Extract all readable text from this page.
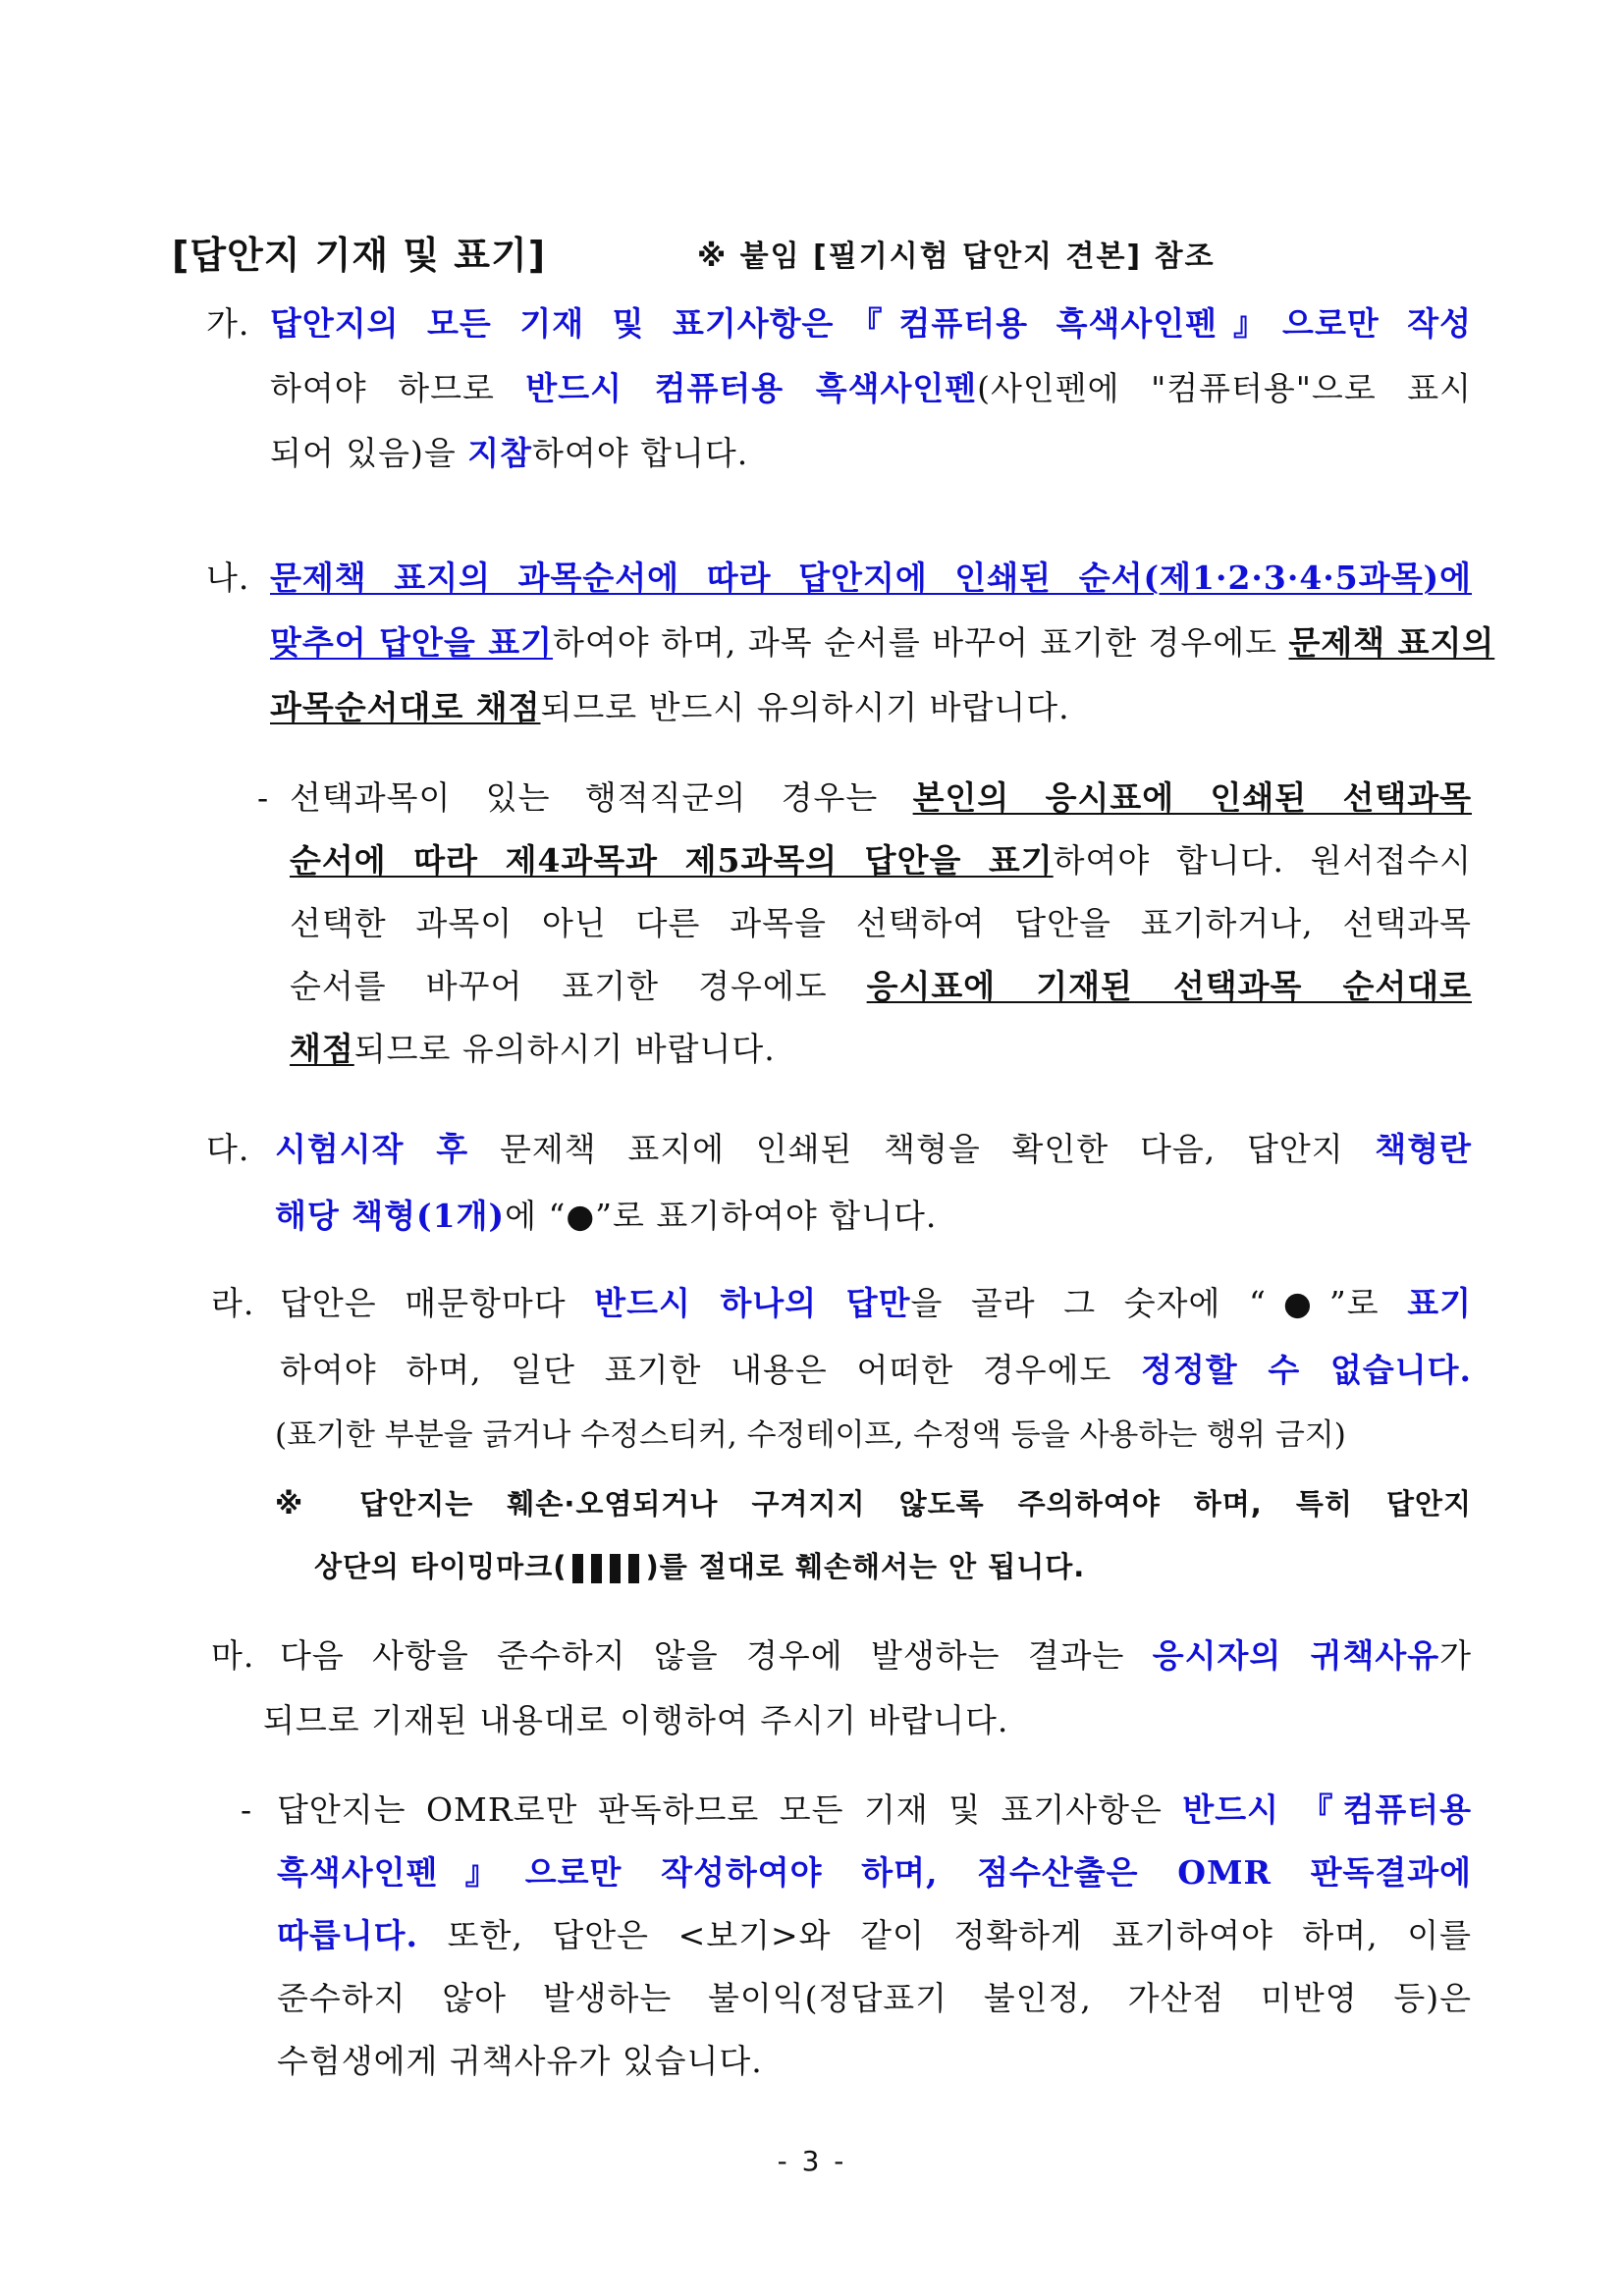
[답안지 기재 및 표기]	※ 붙임 [필기시험 답안지 견본] 참조
가. 답안지의 모든 기재 및 표기사항은『컴퓨터용 흑색사인펜』으로만 작성
하여야 하므로 반드시 컴퓨터용 흑색사인펜(사인펜에 "컴퓨터용"으로 표시
되어 있음)을 지참하여야 합니다.
나. 문제책 표지의 과목순서에 따라 답안지에 인쇄된 순서(제1·2·3·4·5과목)에
맞추어 답안을 표기하여야 하며, 과목 순서를 바꾸어 표기한 경우에도 문제책 표지의
과목순서대로 채점되므로 반드시 유의하시기 바랍니다.
- 선택과목이 있는 행적직군의 경우는 본인의 응시표에 인쇄된 선택과목
순서에 따라 제4과목과 제5과목의 답안을 표기하여야 합니다. 원서접수시
선택한 과목이 아닌 다른 과목을 선택하여 답안을 표기하거나, 선택과목
순서를 바꾸어 표기한 경우에도 응시표에 기재된 선택과목 순서대로
채점되므로 유의하시기 바랍니다.
다. 시험시작 후 문제책 표지에 인쇄된 책형을 확인한 다음, 답안지 책형란
해당 책형(1개)에 “●”로 표기하여야 합니다.
라. 답안은 매문항마다 반드시 하나의 답만을 골라 그 숫자에 “●”로 표기
하여야 하며, 일단 표기한 내용은 어떠한 경우에도 정정할 수 없습니다.
(표기한 부분을 긁거나 수정스티커, 수정테이프, 수정액 등을 사용하는 행위 금지)
※ 답안지는 훼손·오염되거나 구겨지지 않도록 주의하여야 하며, 특히 답안지
상단의 타이밍마크(	)를 절대로 훼손해서는 안 됩니다.
마. 다음 사항을 준수하지 않을 경우에 발생하는 결과는 응시자의 귀책사유가
되므로 기재된 내용대로 이행하여 주시기 바랍니다.
- 답안지는 OMR로만 판독하므로 모든 기재 및 표기사항은 반드시 『컴퓨터용
흑색사인펜』으로만 작성하여야 하며, 점수산출은 OMR 판독결과에
따릅니다. 또한, 답안은 <보기>와 같이 정확하게 표기하여야 하며, 이를
준수하지 않아 발생하는 불이익(정답표기 불인정, 가산점 미반영 등)은
수험생에게 귀책사유가 있습니다.
- 3 -
